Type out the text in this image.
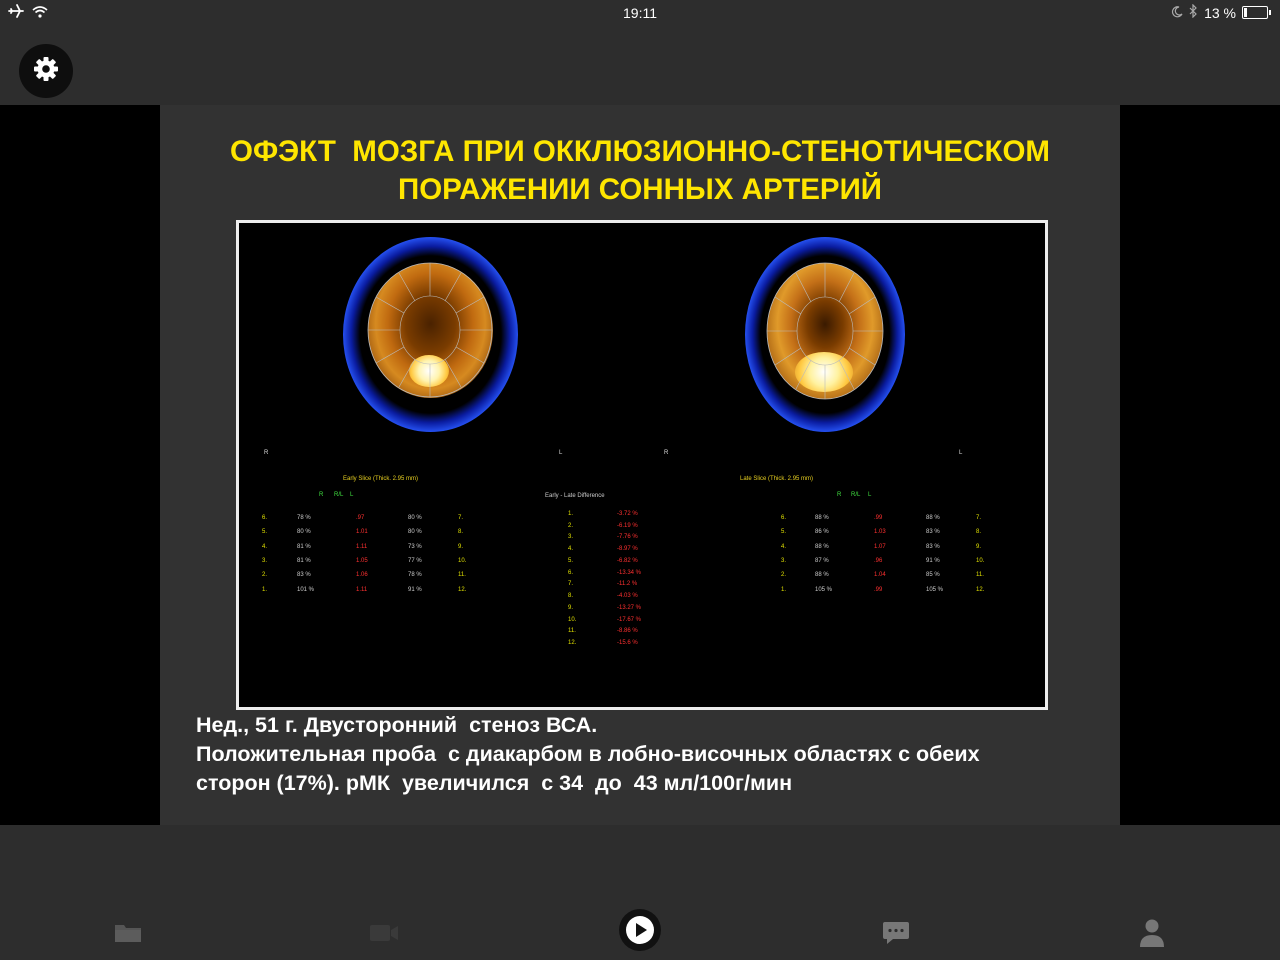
19:11	13 %
ОФЭКТ  МОЗГА ПРИ ОККЛЮЗИОННО-СТЕНОТИЧЕСКОМ
ПОРАЖЕНИИ СОННЫХ АРТЕРИЙ
R	L	R	L
Early Slice (Thick. 2.95 mm)	Late Slice (Thick. 2.95 mm)
Early - Late Difference
R R/L L	R R/L L
6.	78 %	.97	80 %	7.
5.	80 %	1.01	80 %	8.
4.	81 %	1.11	73 %	9.
3.	81 %	1.05	77 %	10.
2.	83 %	1.06	78 %	11.
1.	101 %	1.11	91 %	12.
6.	88 %	.99	88 %	7.
5.	86 %	1.03	83 %	8.
4.	88 %	1.07	83 %	9.
3.	87 %	.96	91 %	10.
2.	88 %	1.04	85 %	11.
1.	105 %	.99	105 %	12.
1.	-3.72 %
2.	-6.19 %
3.	-7.76 %
4.	-8.97 %
5.	-6.82 %
6.	-13.34 %
7.	-11.2 %
8.	-4.03 %
9.	-13.27 %
10.	-17.67 %
11.	-8.86 %
12.	-15.6 %
Нед., 51 г. Двусторонний  стеноз ВСА.
Положительная проба  с диакарбом в лобно-височных областях с обеих
сторон (17%). рМК  увеличился  с 34  до  43 мл/100г/мин
